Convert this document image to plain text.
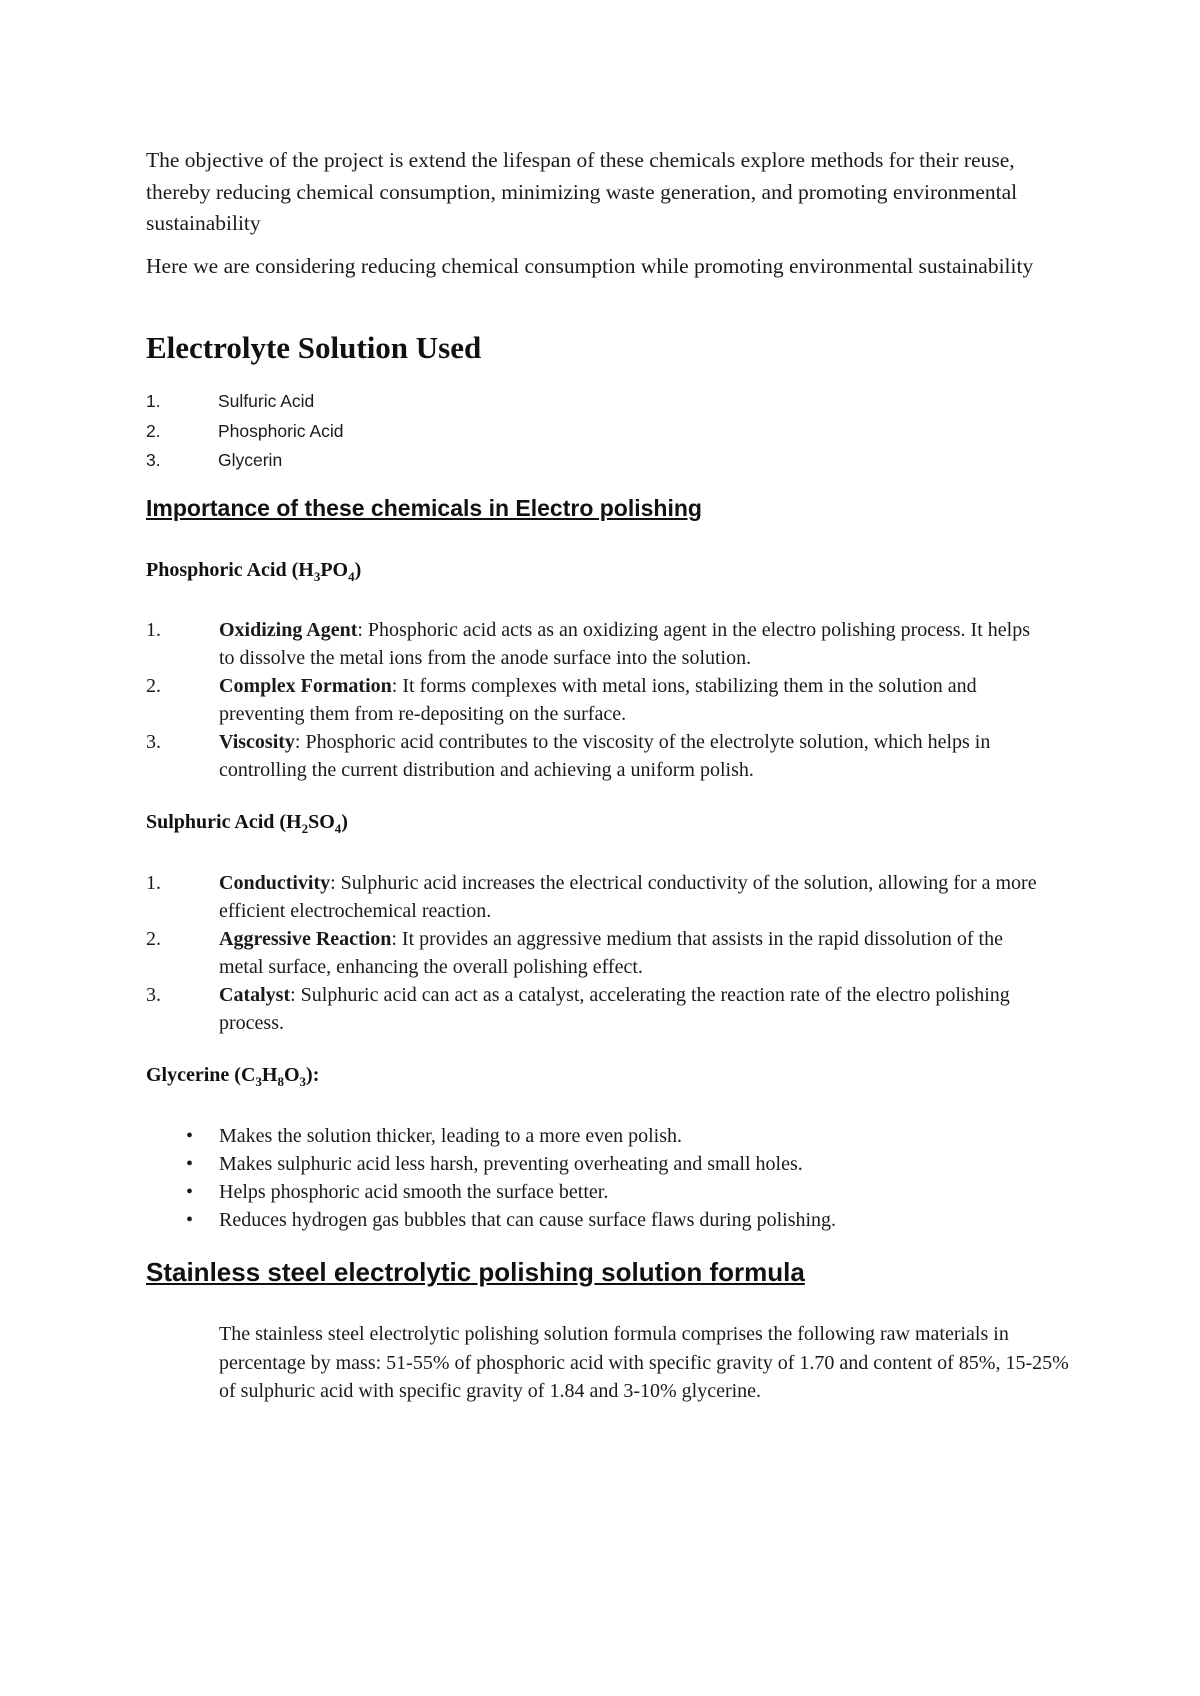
The objective of the project is extend the lifespan of these chemicals explore methods for their reuse, thereby reducing chemical consumption, minimizing waste generation, and promoting environmental sustainability

Here we are considering reducing chemical consumption while promoting environmental sustainability

Electrolyte Solution Used
1.	Sulfuric Acid
2.	Phosphoric Acid
3.	Glycerin
Importance of these chemicals in Electro polishing
Phosphoric Acid $(H_3PO_4)$
1.	Oxidizing Agent: Phosphoric acid acts as an oxidizing agent in the electro polishing process. It helps to dissolve the metal ions from the anode surface into the solution.
2.	Complex Formation: It forms complexes with metal ions, stabilizing them in the solution and preventing them from re-depositing on the surface.
3.	Viscosity: Phosphoric acid contributes to the viscosity of the electrolyte solution, which helps in controlling the current distribution and achieving a uniform polish.
Sulphuric Acid $(H_2SO_4)$
1.	Conductivity: Sulphuric acid increases the electrical conductivity of the solution, allowing for a more efficient electrochemical reaction.
2.	Aggressive Reaction: It provides an aggressive medium that assists in the rapid dissolution of the metal surface, enhancing the overall polishing effect.
3.	Catalyst: Sulphuric acid can act as a catalyst, accelerating the reaction rate of the electro polishing process.
Glycerine $(C_3H_8O_3)$:
•	Makes the solution thicker, leading to a more even polish.
•	Makes sulphuric acid less harsh, preventing overheating and small holes.
•	Helps phosphoric acid smooth the surface better.
•	Reduces hydrogen gas bubbles that can cause surface flaws during polishing.
Stainless steel electrolytic polishing solution formula

The stainless steel electrolytic polishing solution formula comprises the following raw materials in percentage by mass: 51-55% of phosphoric acid with specific gravity of 1.70 and content of 85%, 15-25% of sulphuric acid with specific gravity of 1.84 and 3-10% glycerine.
